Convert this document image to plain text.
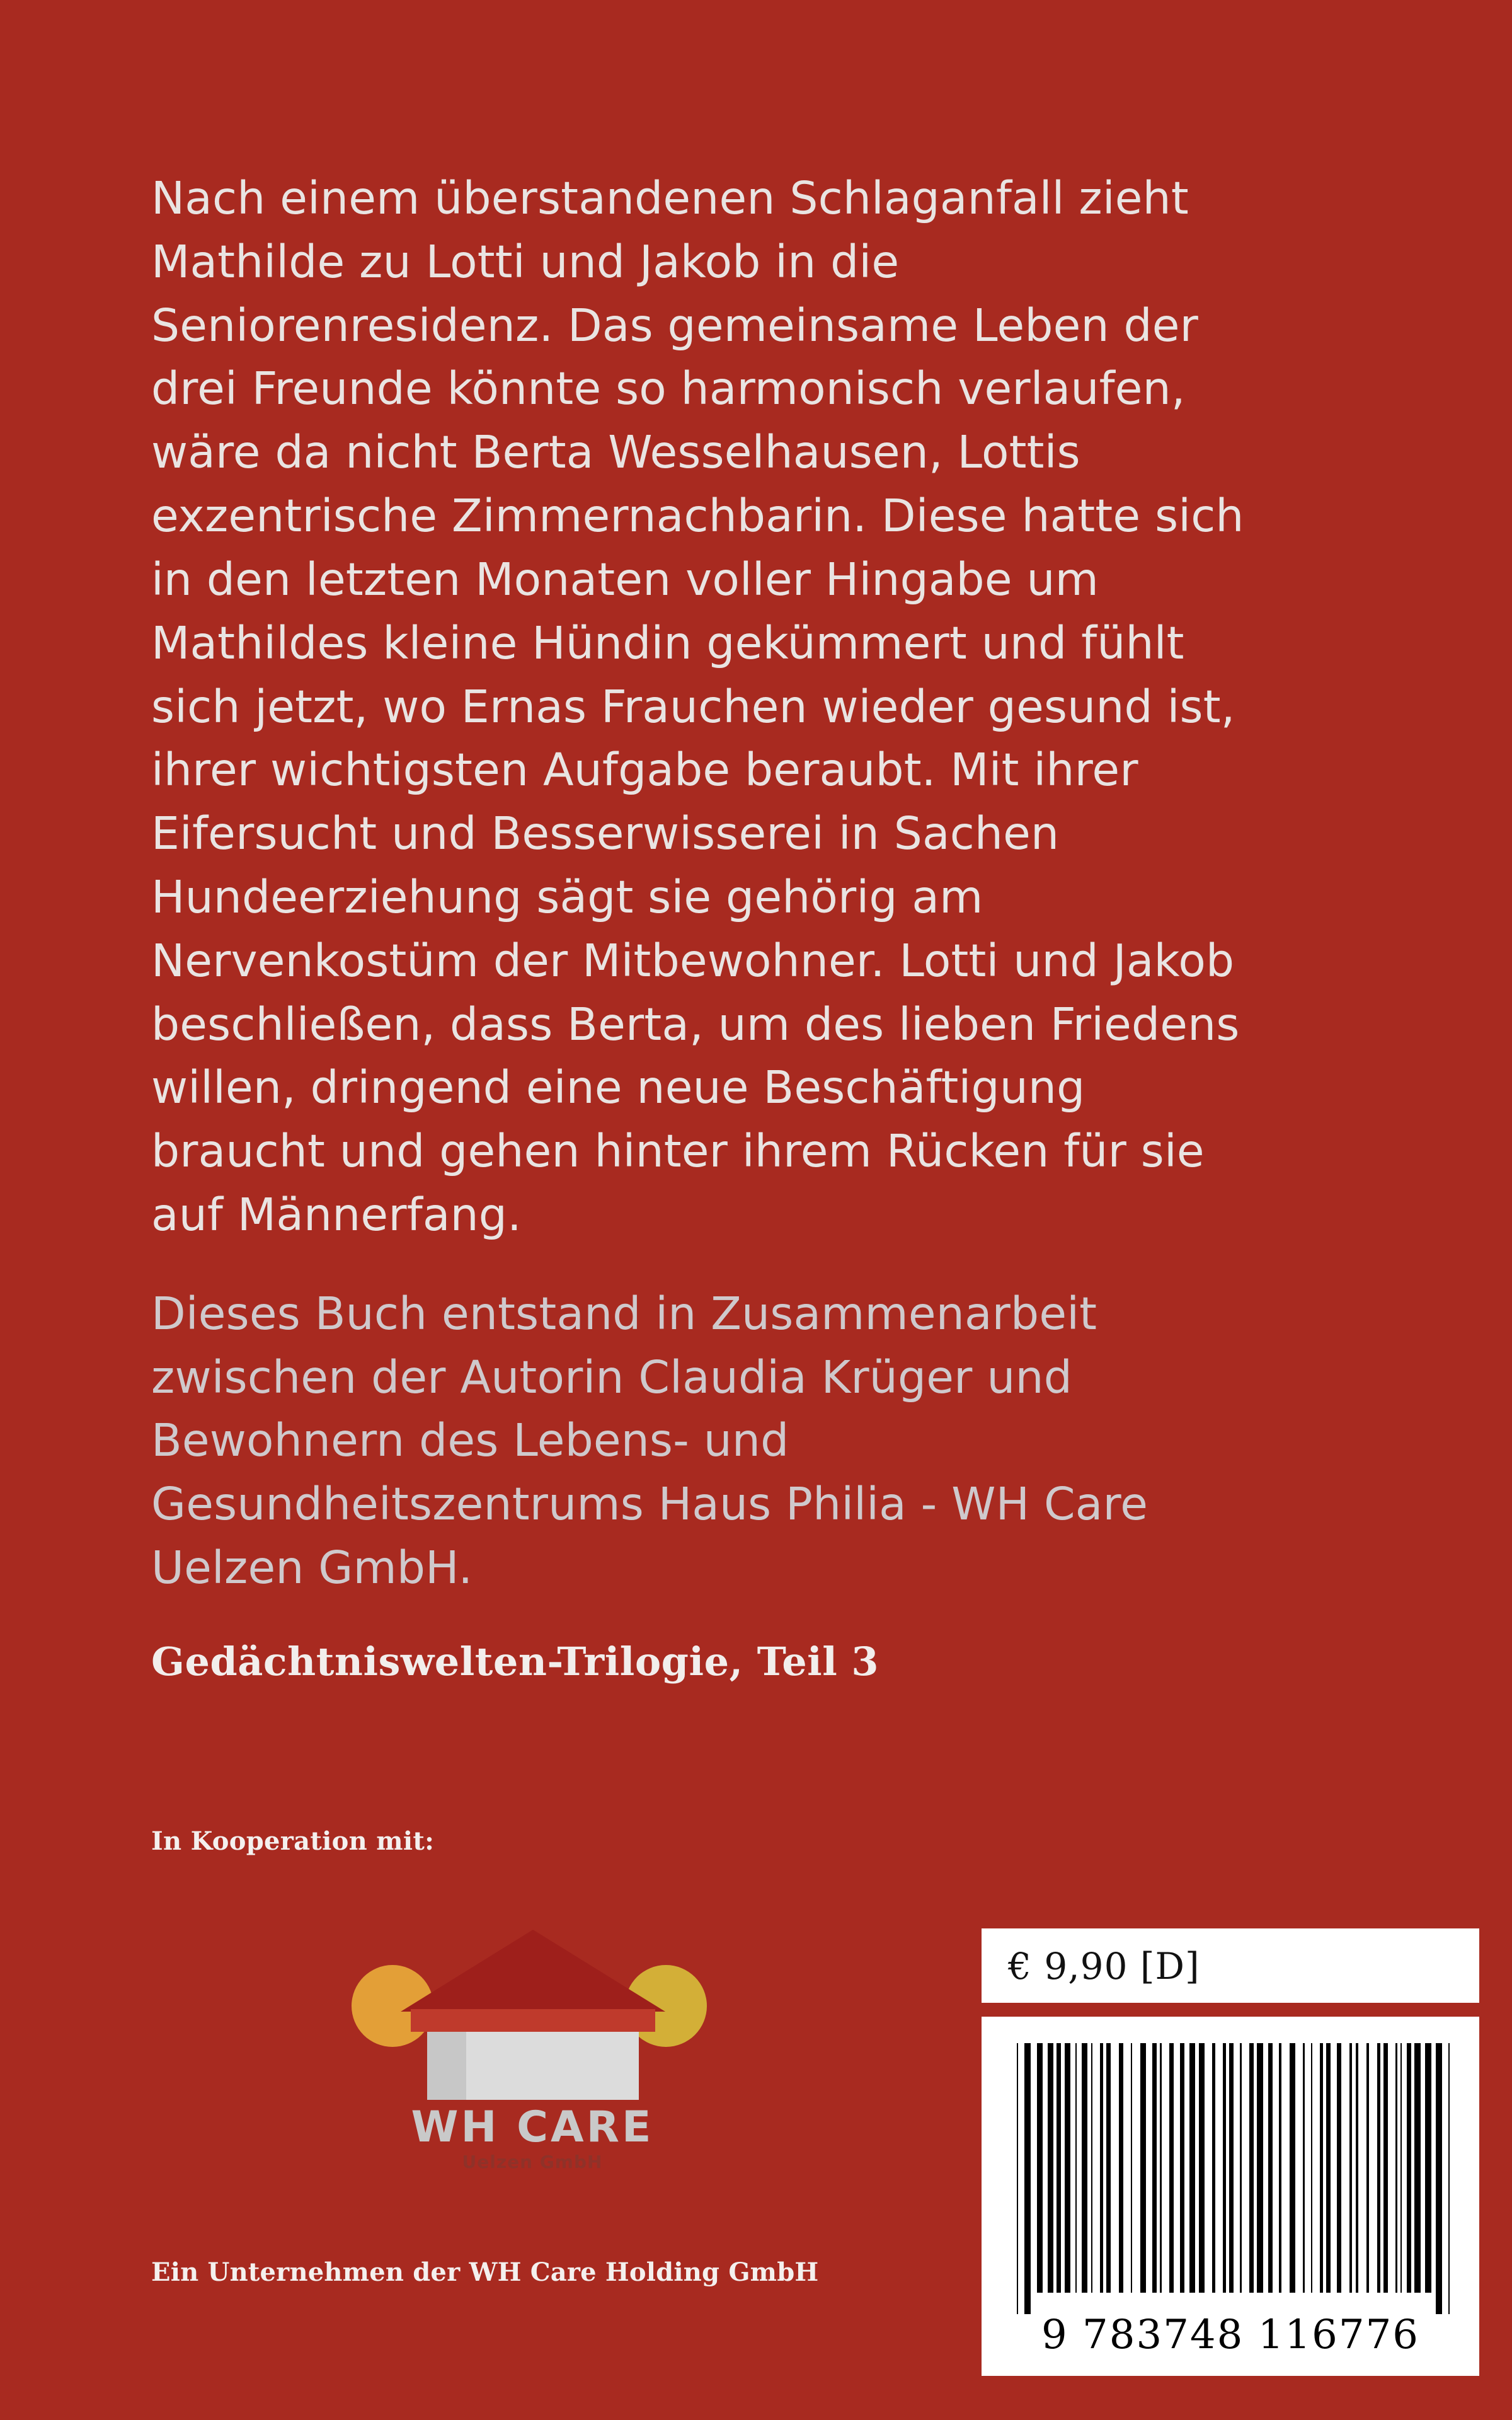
Nach einem überstandenen Schlaganfall zieht Mathilde zu Lotti und Jakob in die Seniorenresidenz. Das gemeinsame Leben der drei Freunde könnte so harmonisch verlaufen, wäre da nicht Berta Wesselhausen, Lottis exzentrische Zimmernachbarin. Diese hatte sich in den letzten Monaten voller Hingabe um Mathildes kleine Hündin gekümmert und fühlt sich jetzt, wo Ernas Frauchen wieder gesund ist, ihrer wichtigsten Aufgabe beraubt. Mit ihrer Eifersucht und Besserwisserei in Sachen Hundeerziehung sägt sie gehörig am Nervenkostüm der Mitbewohner. Lotti und Jakob beschließen, dass Berta, um des lieben Friedens willen, dringend eine neue Beschäftigung braucht und gehen hinter ihrem Rücken für sie auf Männerfang.

Dieses Buch entstand in Zusammenarbeit zwischen der Autorin Claudia Krüger und Bewohnern des Lebens- und Gesundheitszentrums Haus Philia - WH Care Uelzen GmbH.

Gedächtniswelten-Trilogie, Teil 3
In Kooperation mit:
WH CARE
Uelzen GmbH
Ein Unternehmen der WH Care Holding GmbH
€ 9,90 [D]
9 783748 116776
